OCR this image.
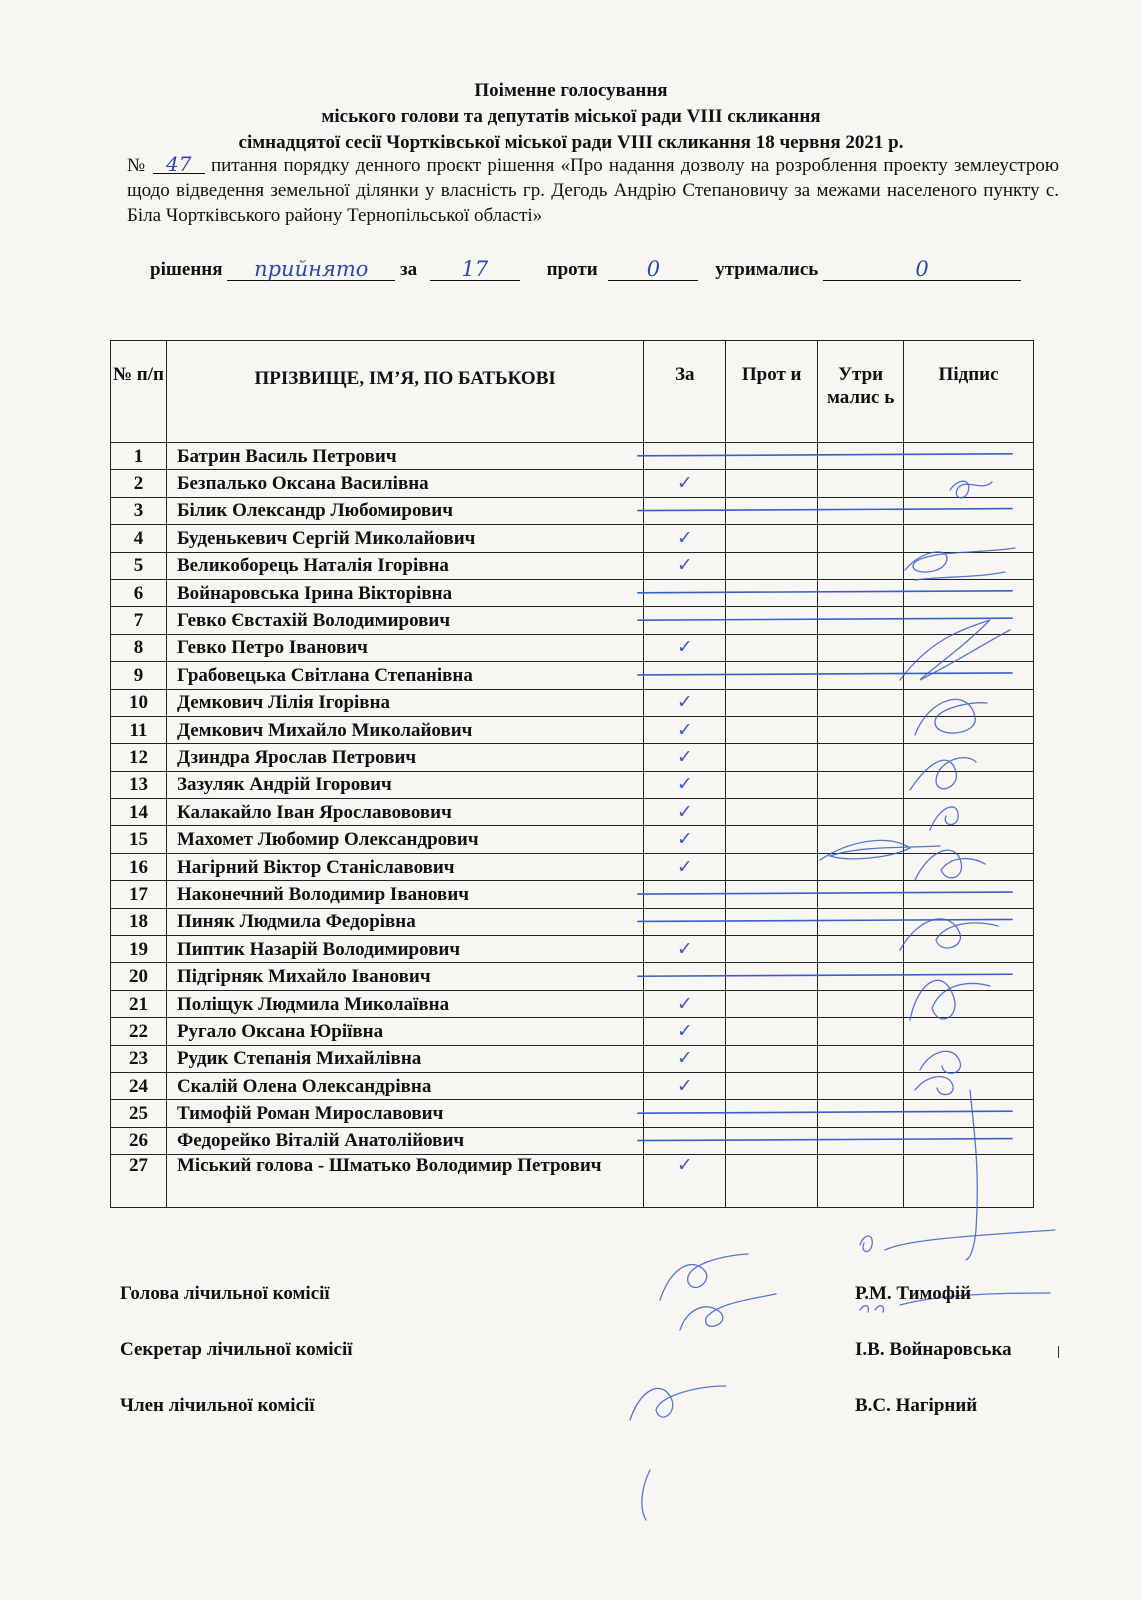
Поіменне голосування
міського голови та депутатів міської ради VIII скликання
сімнадцятої сесії Чортківської міської ради VIII скликання 18 червня 2021 р.
№ 47 питання порядку денного проєкт рішення «Про надання дозволу на розроблення проекту землеустрою щодо відведення земельної ділянки у власність гр. Дегодь Андрію Степановичу за межами населеного пункту с. Біла Чортківського району Тернопільської області»
рішення прийнято за 17	проти 0	утримались	0
№ п/п	ПРІЗВИЩЕ, ІМ’Я, ПО БАТЬКОВІ	За	Прот и	Утри малис ь	Підпис
1	Батрин Василь Петрович				
2	Безпалько Оксана Василівна	✓			
3	Білик Олександр Любомирович				
4	Буденькевич Сергій Миколайович	✓			
5	Великоборець Наталія Ігорівна	✓			
6	Войнаровська Ірина Вікторівна				
7	Гевко Євстахій Володимирович				
8	Гевко Петро Іванович	✓			
9	Грабовецька Світлана Степанівна				
10	Демкович Лілія Ігорівна	✓			
11	Демкович Михайло Миколайович	✓			
12	Дзиндра Ярослав Петрович	✓			
13	Зазуляк Андрій Ігорович	✓			
14	Калакайло Іван Ярославовович	✓			
15	Махомет Любомир Олександрович	✓			
16	Нагірний Віктор Станіславович	✓			
17	Наконечний Володимир Іванович				
18	Пиняк Людмила Федорівна				
19	Пиптик Назарій Володимирович	✓			
20	Підгірняк Михайло Іванович				
21	Поліщук Людмила Миколаївна	✓			
22	Ругало Оксана Юріївна	✓			
23	Рудик Степанія Михайлівна	✓			
24	Скалій Олена Олександрівна	✓			
25	Тимофій Роман Мирославович				
26	Федорейко Віталій Анатолійович				
27	Міський голова - Шматько Володимир Петрович	✓			
Голова лічильної комісії	Р.М. Тимофій
Секретар лічильної комісії	І.В. Войнаровська
Член лічильної комісії	В.С. Нагірний
